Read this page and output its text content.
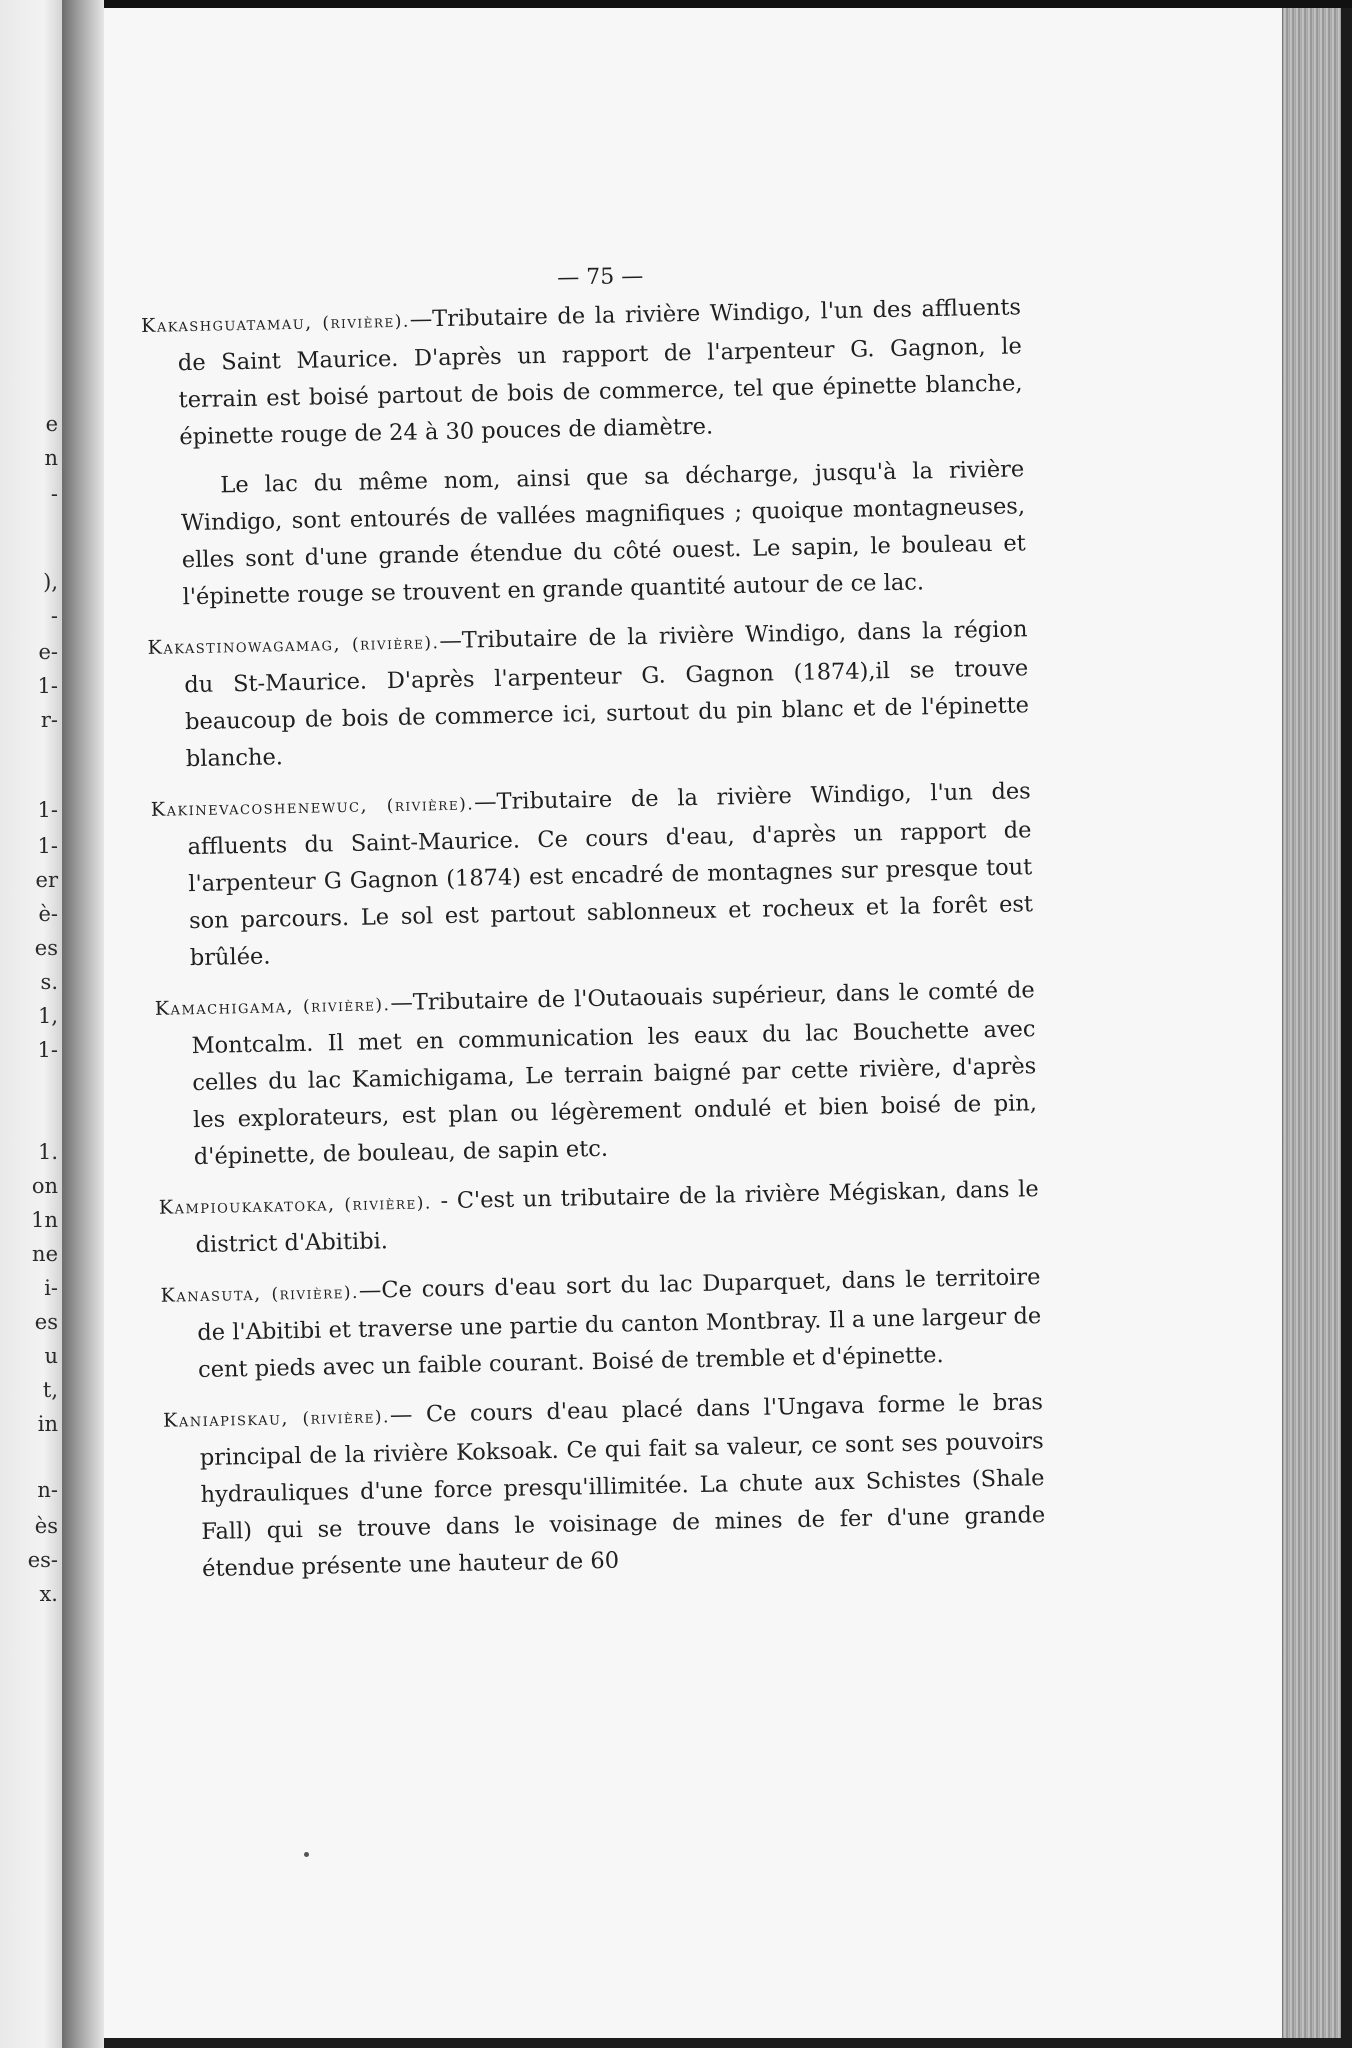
e
n
-
),
-
e-
1-
r-
1-
1-
er
è-
es
s.
1,
1-
1.
on
1n
ne
i-
es
u
t,
in
n-
ès
es-
x.
— 75 —

Kakashguatamau, (rivière).—Tributaire de la rivière Windigo, l'un des affluents de Saint Maurice. D'après un rapport de l'arpenteur G. Gagnon, le terrain est boisé partout de bois de commerce, tel que épinette blanche, épinette rouge de 24 à 30 pouces de diamètre.

Le lac du même nom, ainsi que sa décharge, jusqu'à la rivière Windigo, sont entourés de vallées magnifiques ; quoique montagneuses, elles sont d'une grande étendue du côté ouest. Le sapin, le bouleau et l'épinette rouge se trouvent en grande quantité autour de ce lac.

Kakastinowagamag, (rivière).—Tributaire de la rivière Windigo, dans la région du St-Maurice. D'après l'arpenteur G. Gagnon (1874),il se trouve beaucoup de bois de commerce ici, surtout du pin blanc et de l'épinette blanche.

Kakinevacoshenewuc, (rivière).—Tributaire de la rivière Windigo, l'un des affluents du Saint-Maurice. Ce cours d'eau, d'après un rapport de l'arpenteur G Gagnon (1874) est encadré de montagnes sur presque tout son parcours. Le sol est partout sablonneux et rocheux et la forêt est brûlée.

Kamachigama, (rivière).—Tributaire de l'Outaouais supérieur, dans le comté de Montcalm. Il met en communication les eaux du lac Bouchette avec celles du lac Kamichigama, Le terrain baigné par cette rivière, d'après les explorateurs, est plan ou légèrement ondulé et bien boisé de pin, d'épinette, de bouleau, de sapin etc.

Kampioukakatoka, (rivière). - C'est un tributaire de la rivière Mégiskan, dans le district d'Abitibi.

Kanasuta, (rivière).—Ce cours d'eau sort du lac Duparquet, dans le territoire de l'Abitibi et traverse une partie du canton Montbray. Il a une largeur de cent pieds avec un faible courant. Boisé de tremble et d'épinette.

Kaniapiskau, (rivière).— Ce cours d'eau placé dans l'Ungava forme le bras principal de la rivière Koksoak. Ce qui fait sa valeur, ce sont ses pouvoirs hydrauliques d'une force presqu'illimitée. La chute aux Schistes (Shale Fall) qui se trouve dans le voisinage de mines de fer d'une grande étendue présente une hauteur de 60
